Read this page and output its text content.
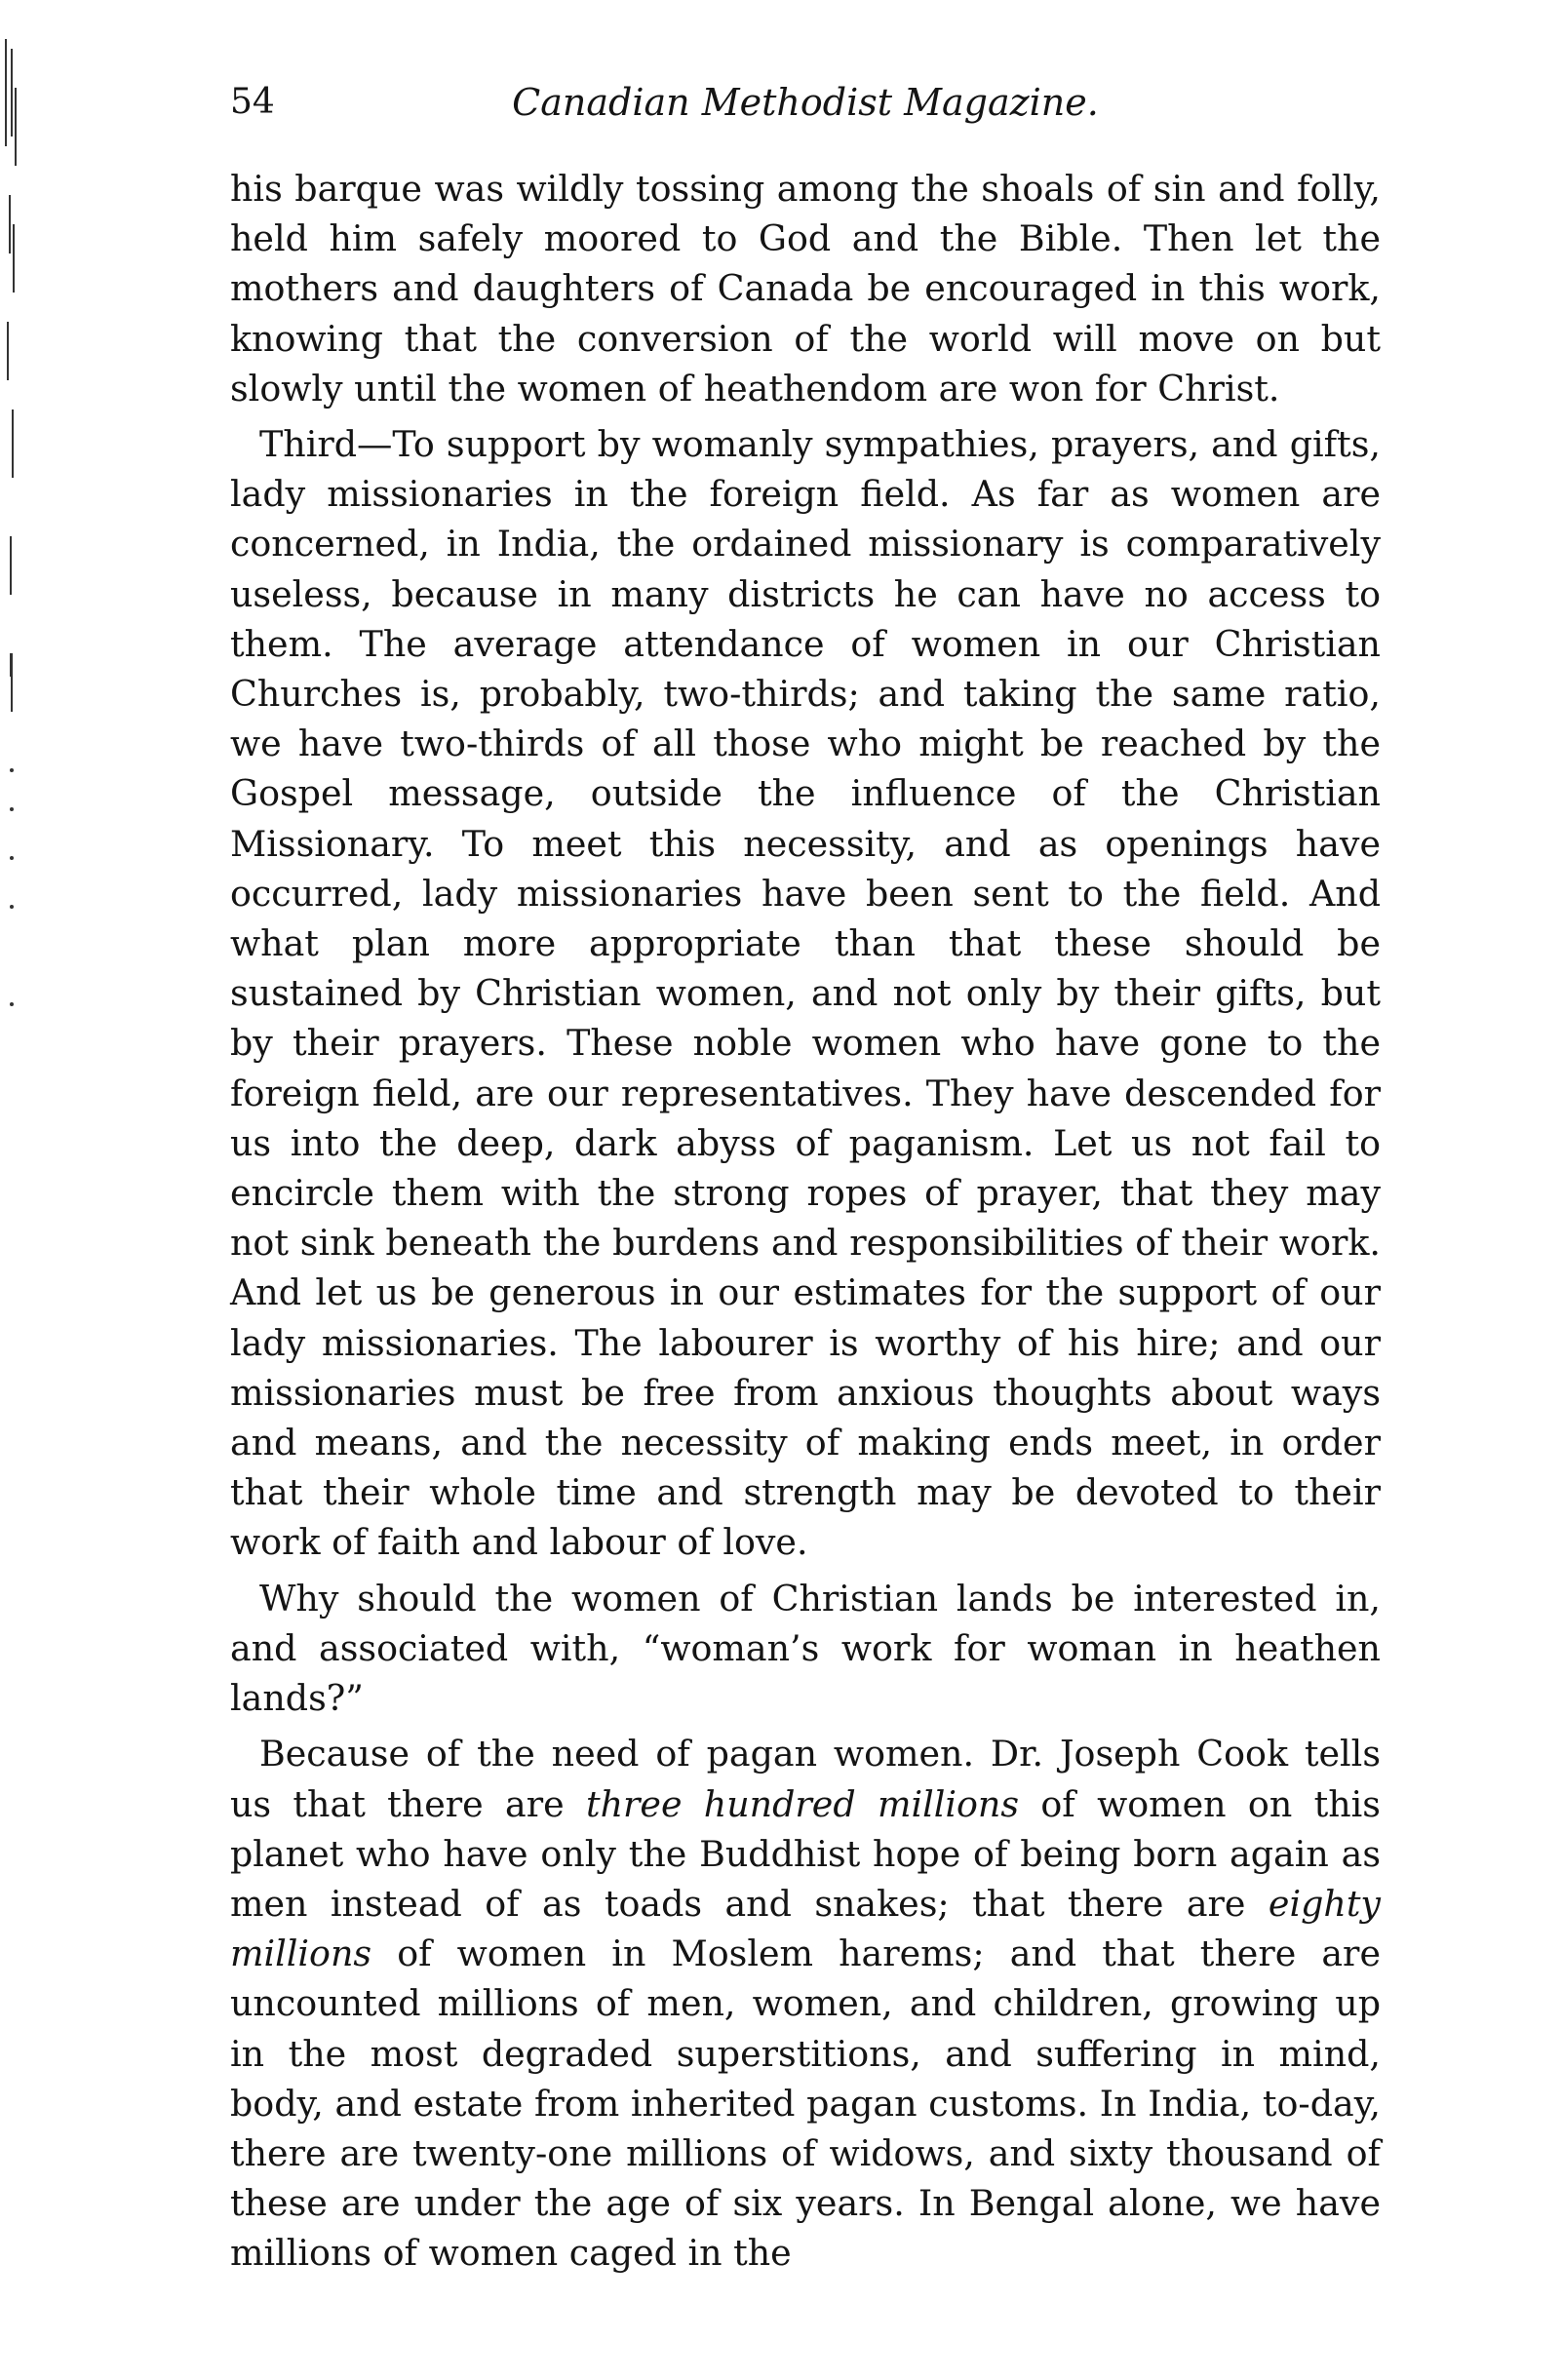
54	Canadian Methodist Magazine.

his barque was wildly tossing among the shoals of sin and folly, held him safely moored to God and the Bible. Then let the mothers and daughters of Canada be encouraged in this work, knowing that the conversion of the world will move on but slowly until the women of heathendom are won for Christ.

Third—To support by womanly sympathies, prayers, and gifts, lady missionaries in the foreign field. As far as women are concerned, in India, the ordained missionary is comparatively useless, because in many districts he can have no access to them. The average attendance of women in our Christian Churches is, probably, two-thirds; and taking the same ratio, we have two-thirds of all those who might be reached by the Gospel message, outside the influence of the Christian Missionary. To meet this necessity, and as openings have occurred, lady missionaries have been sent to the field. And what plan more appropriate than that these should be sustained by Christian women, and not only by their gifts, but by their prayers. These noble women who have gone to the foreign field, are our representatives. They have descended for us into the deep, dark abyss of paganism. Let us not fail to encircle them with the strong ropes of prayer, that they may not sink beneath the burdens and responsibilities of their work. And let us be generous in our estimates for the support of our lady missionaries. The labourer is worthy of his hire; and our missionaries must be free from anxious thoughts about ways and means, and the necessity of making ends meet, in order that their whole time and strength may be devoted to their work of faith and labour of love.

Why should the women of Christian lands be interested in, and associated with, “woman’s work for woman in heathen lands?”

Because of the need of pagan women. Dr. Joseph Cook tells us that there are three hundred millions of women on this planet who have only the Buddhist hope of being born again as men instead of as toads and snakes; that there are eighty millions of women in Moslem harems; and that there are uncounted millions of men, women, and children, growing up in the most degraded superstitions, and suffering in mind, body, and estate from inherited pagan customs. In India, to-day, there are twenty-one millions of widows, and sixty thousand of these are under the age of six years. In Bengal alone, we have millions of women caged in the
